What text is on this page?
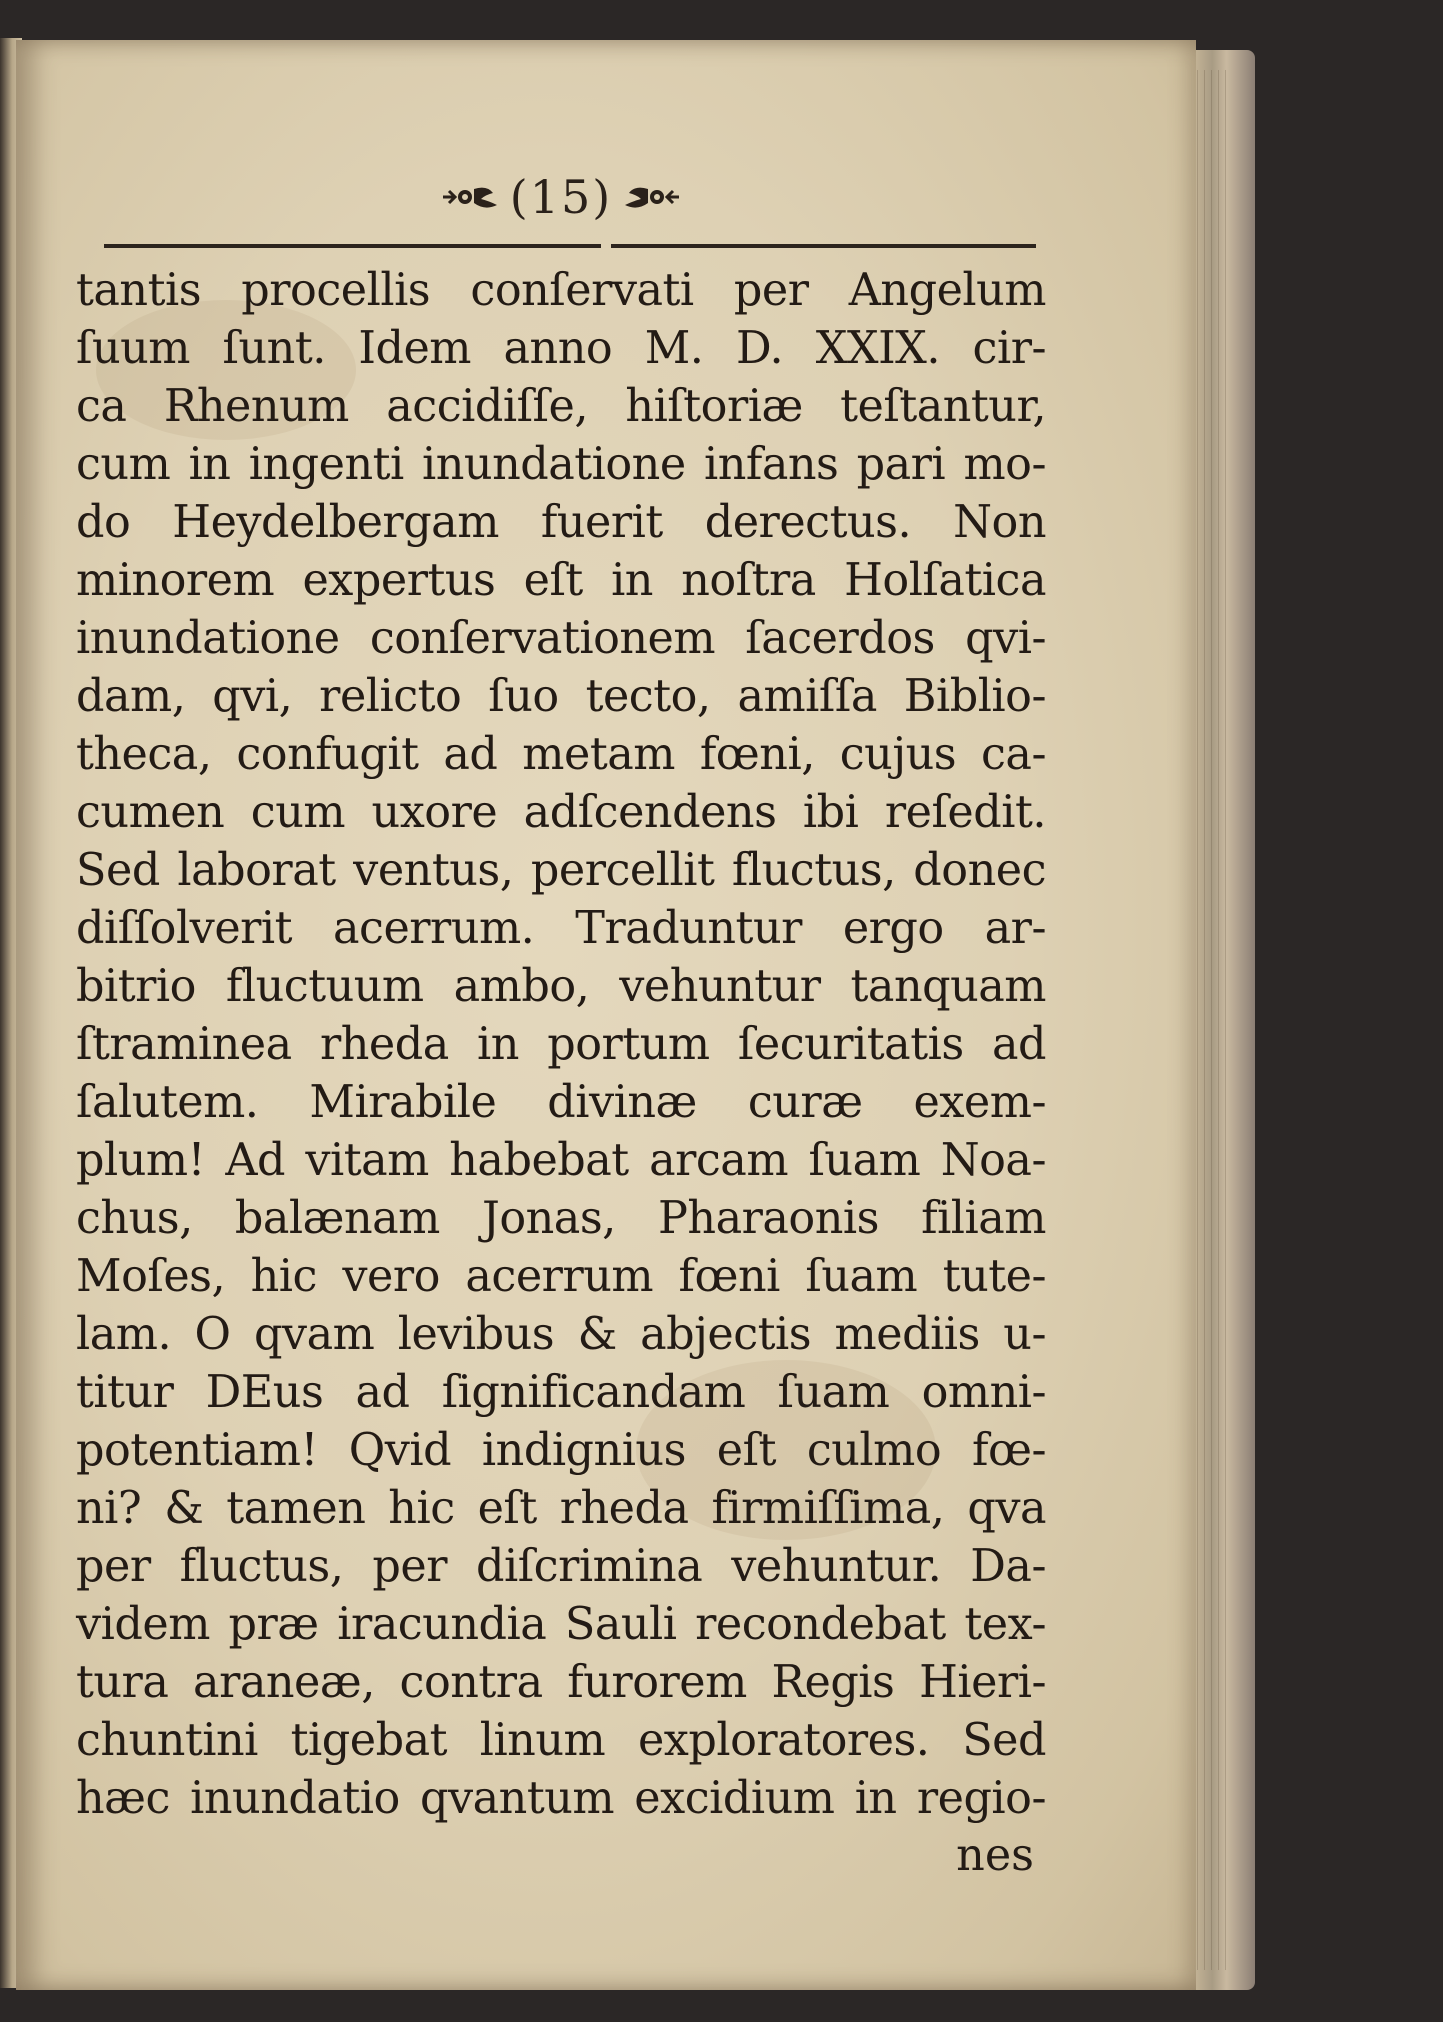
(15)
tantis procellis conſervati per Angelum
ſuum ſunt. Idem anno M. D. XXIX. cir-
ca Rhenum accidiſſe, hiſtoriæ teſtantur,
cum in ingenti inundatione infans pari mo-
do Heydelbergam fuerit derectus. Non
minorem expertus eſt in noſtra Holſatica
inundatione conſervationem ſacerdos qvi-
dam, qvi, relicto ſuo tecto, amiſſa Biblio-
theca, confugit ad metam fœni, cujus ca-
cumen cum uxore adſcendens ibi reſedit.
Sed laborat ventus, percellit fluctus, donec
diſſolverit acerrum. Traduntur ergo ar-
bitrio fluctuum ambo, vehuntur tanquam
ſtraminea rheda in portum ſecuritatis ad
ſalutem. Mirabile divinæ curæ exem-
plum! Ad vitam habebat arcam ſuam Noa-
chus, balænam Jonas, Pharaonis filiam
Moſes, hic vero acerrum fœni ſuam tute-
lam. O qvam levibus & abjectis mediis u-
titur DEus ad ſignificandam ſuam omni-
potentiam! Qvid indignius eſt culmo fœ-
ni? & tamen hic eſt rheda firmiſſima, qva
per fluctus, per diſcrimina vehuntur. Da-
videm præ iracundia Sauli recondebat tex-
tura araneæ, contra furorem Regis Hieri-
chuntini tigebat linum exploratores. Sed
hæc inundatio qvantum excidium in regio-
nes
